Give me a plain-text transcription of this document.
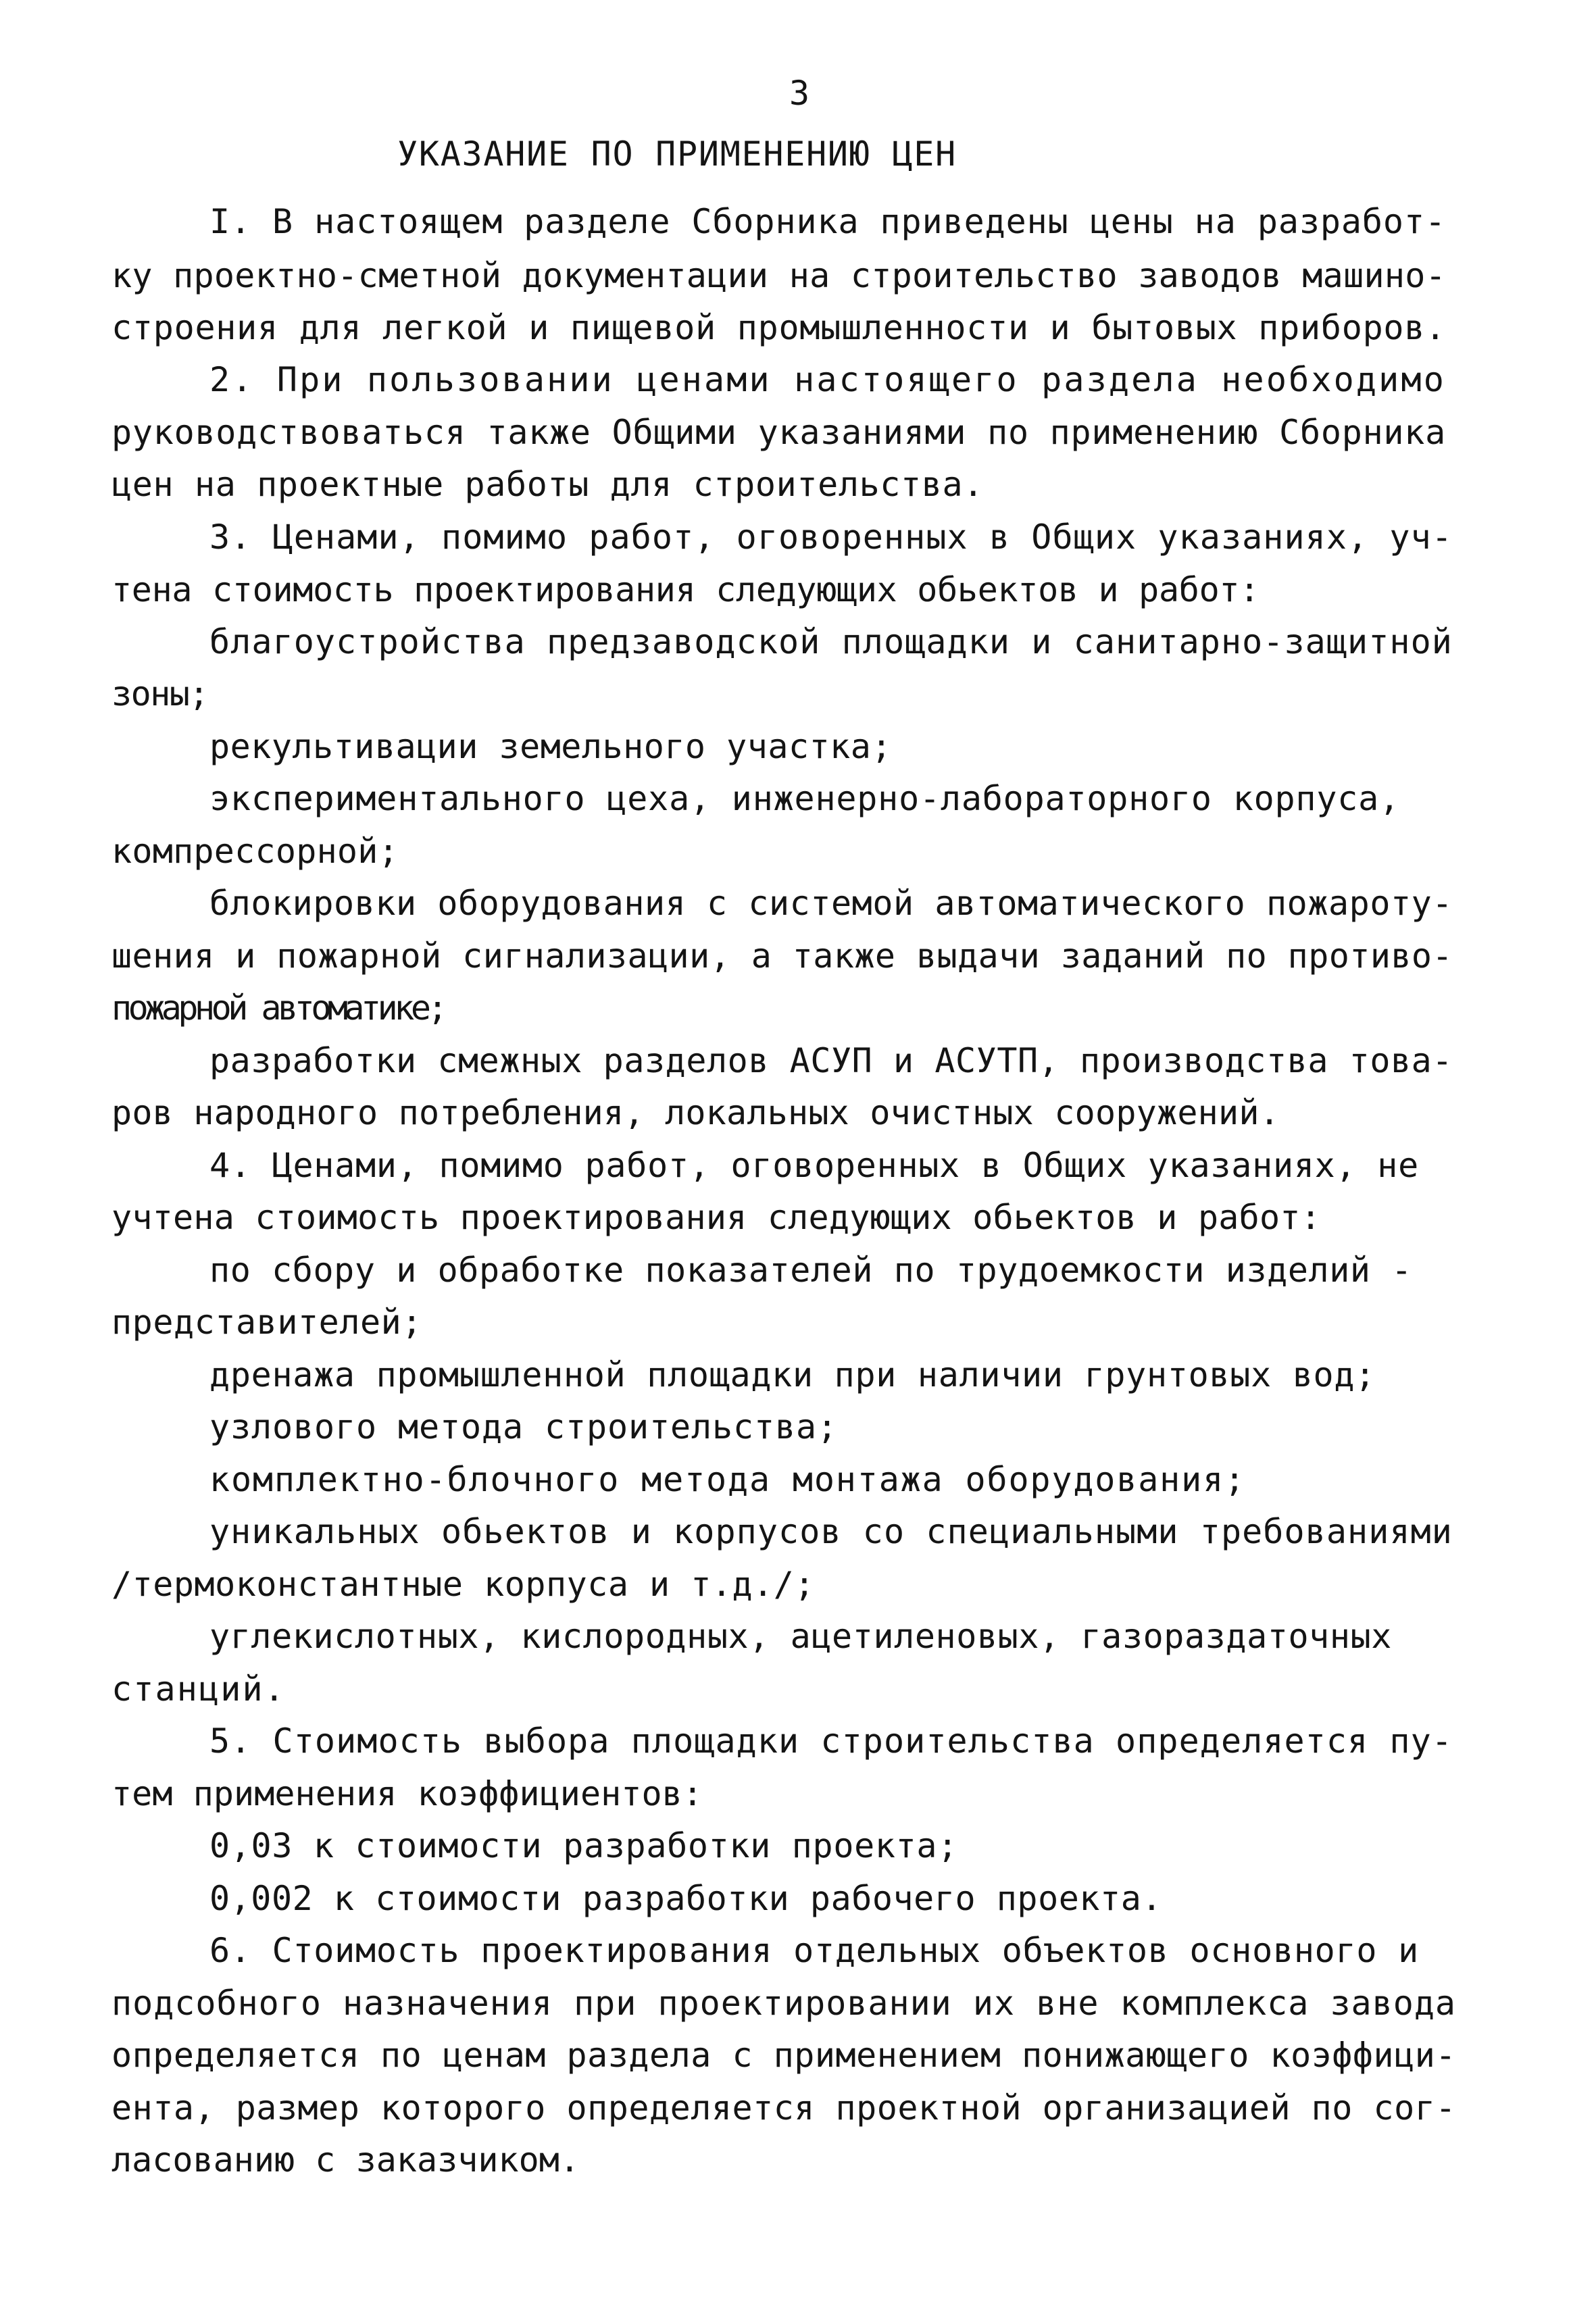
3
УКАЗАНИЕ ПО ПРИМЕНЕНИЮ ЦЕН
I. В настоящем разделе Сборника приведены цены на разработ-
ку проектно-сметной документации на строительство заводов машино-
строения для легкой и пищевой промышленности и бытовых приборов.
2. При пользовании ценами настоящего раздела необходимо
руководствоваться также Общими указаниями по применению Сборника
цен на проектные работы для строительства.
3. Ценами, помимо работ, оговоренных в Общих указаниях, уч-
тена стоимость проектирования следующих обьектов и работ:
благоустройства предзаводской площадки и санитарно-защитной
зоны;
рекультивации земельного участка;
экспериментального цеха, инженерно-лабораторного корпуса,
компрессорной;
блокировки оборудования с системой автоматического пожароту-
шения и пожарной сигнализации, а также выдачи заданий по противо-
пожарной автоматике;
разработки смежных разделов АСУП и АСУТП, производства това-
ров народного потребления, локальных очистных сооружений.
4. Ценами, помимо работ, оговоренных в Общих указаниях, не
учтена стоимость проектирования следующих обьектов и работ:
по сбору и обработке показателей по трудоемкости изделий -
представителей;
дренажа промышленной площадки при наличии грунтовых вод;
узлового метода строительства;
комплектно-блочного метода монтажа оборудования;
уникальных обьектов и корпусов со специальными требованиями
/термоконстантные корпуса и т.д./;
углекислотных, кислородных, ацетиленовых, газораздаточных
станций.
5. Стоимость выбора площадки строительства определяется пу-
тем применения коэффициентов:
0,03 к стоимости разработки проекта;
0,002 к стоимости разработки рабочего проекта.
6. Стоимость проектирования отдельных объектов основного и
подсобного назначения при проектировании их вне комплекса завода
определяется по ценам раздела с применением понижающего коэффици-
ента, размер которого определяется проектной организацией по сог-
ласованию с заказчиком.
